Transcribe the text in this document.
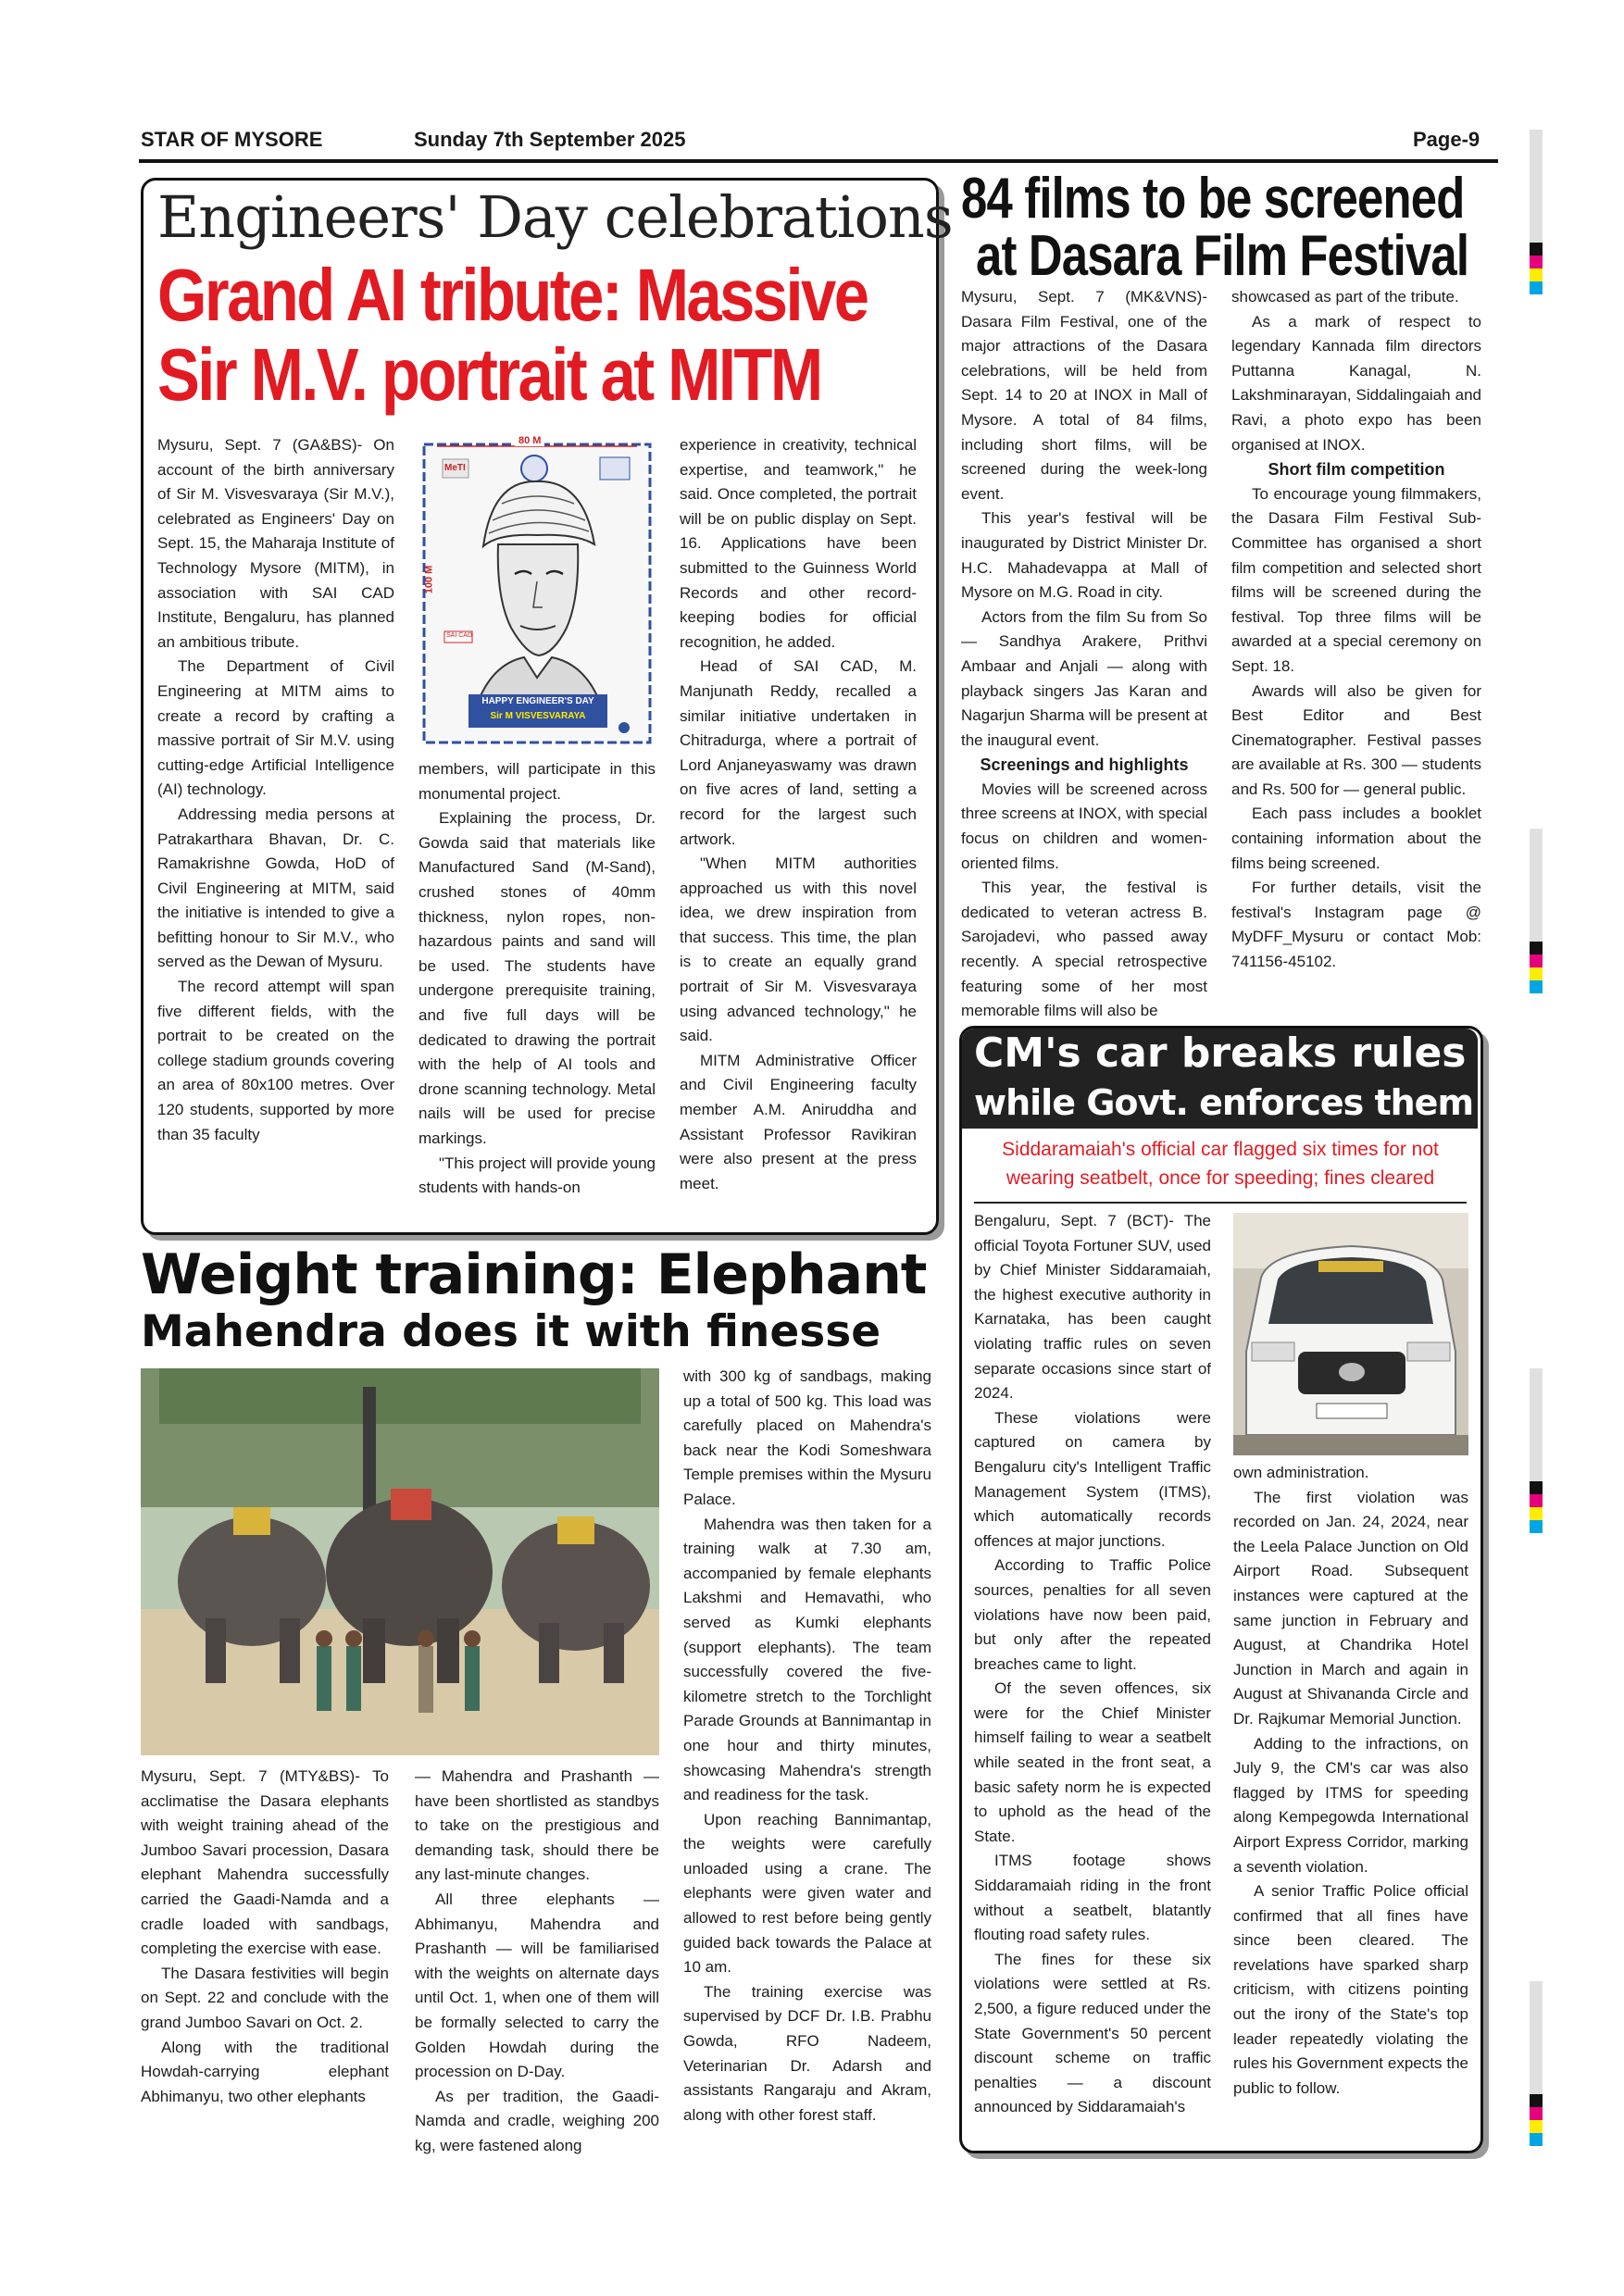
STAR OF MYSORE	Sunday 7th September 2025	Page-9
Engineers' Day celebrations
Grand AI tribute: Massive
Sir M.V. portrait at MITM

Mysuru, Sept. 7 (GA&BS)- On account of the birth anniversary of Sir M. Visvesvaraya (Sir M.V.), celebrated as Engineers' Day on Sept. 15, the Maharaja Institute of Technology Mysore (MITM), in association with SAI CAD Institute, Bengaluru, has planned an ambitious tribute.

The Department of Civil Engineering at MITM aims to create a record by crafting a massive portrait of Sir M.V. using cutting-edge Artificial Intelligence (AI) technology.

Addressing media persons at Patrakarthara Bhavan, Dr. C. Ramakrishne Gowda, HoD of Civil Engineering at MITM, said the initiative is intended to give a befitting honour to Sir M.V., who served as the Dewan of Mysuru.

The record attempt will span five different fields, with the portrait to be created on the college stadium grounds covering an area of 80x100 metres. Over 120 students, supported by more than 35 faculty

80 M
100 M
MeTI
SAI CAD
HAPPY ENGINEER'S DAY
Sir M VISVESVARAYA

members, will participate in this monumental project.

Explaining the process, Dr. Gowda said that materials like Manufactured Sand (M-Sand), crushed stones of 40mm thickness, nylon ropes, non-hazardous paints and sand will be used. The students have undergone prerequisite training, and five full days will be dedicated to drawing the portrait with the help of AI tools and drone scanning technology. Metal nails will be used for precise markings.

"This project will provide young students with hands-on

experience in creativity, technical expertise, and teamwork," he said. Once completed, the portrait will be on public display on Sept. 16. Applications have been submitted to the Guinness World Records and other record-keeping bodies for official recognition, he added.

Head of SAI CAD, M. Manjunath Reddy, recalled a similar initiative undertaken in Chitradurga, where a portrait of Lord Anjaneyaswamy was drawn on five acres of land, setting a record for the largest such artwork.

"When MITM authorities approached us with this novel idea, we drew inspiration from that success. This time, the plan is to create an equally grand portrait of Sir M. Visvesvaraya using advanced technology," he said.

MITM Administrative Officer and Civil Engineering faculty member A.M. Aniruddha and Assistant Professor Ravikiran were also present at the press meet.

84 films to be screened
at Dasara Film Festival

Mysuru, Sept. 7 (MK&VNS)- Dasara Film Festival, one of the major attractions of the Dasara celebrations, will be held from Sept. 14 to 20 at INOX in Mall of Mysore. A total of 84 films, including short films, will be screened during the week-long event.

This year's festival will be inaugurated by District Minister Dr. H.C. Mahadevappa at Mall of Mysore on M.G. Road in city.

Actors from the film Su from So — Sandhya Arakere, Prithvi Ambaar and Anjali — along with playback singers Jas Karan and Nagarjun Sharma will be present at the inaugural event.

Screenings and highlights

Movies will be screened across three screens at INOX, with special focus on children and women-oriented films.

This year, the festival is dedicated to veteran actress B. Sarojadevi, who passed away recently. A special retrospective featuring some of her most memorable films will also be

showcased as part of the tribute.

As a mark of respect to legendary Kannada film directors Puttanna Kanagal, N. Lakshminarayan, Siddalingaiah and Ravi, a photo expo has been organised at INOX.

Short film competition

To encourage young filmmakers, the Dasara Film Festival Sub-Committee has organised a short film competition and selected short films will be screened during the festival. Top three films will be awarded at a special ceremony on Sept. 18.

Awards will also be given for Best Editor and Best Cinematographer. Festival passes are available at Rs. 300 — students and Rs. 500 for — general public.

Each pass includes a booklet containing information about the films being screened.

For further details, visit the festival's Instagram page @ MyDFF_Mysuru or contact Mob: 741156-45102.

CM's car breaks rules
while Govt. enforces them
Siddaramaiah's official car flagged six times for not wearing seatbelt, once for speeding; fines cleared

Bengaluru, Sept. 7 (BCT)- The official Toyota Fortuner SUV, used by Chief Minister Siddaramaiah, the highest executive authority in Karnataka, has been caught violating traffic rules on seven separate occasions since start of 2024.

These violations were captured on camera by Bengaluru city's Intelligent Traffic Management System (ITMS), which automatically records offences at major junctions.

According to Traffic Police sources, penalties for all seven violations have now been paid, but only after the repeated breaches came to light.

Of the seven offences, six were for the Chief Minister himself failing to wear a seatbelt while seated in the front seat, a basic safety norm he is expected to uphold as the head of the State.

ITMS footage shows Siddaramaiah riding in the front without a seatbelt, blatantly flouting road safety rules.

The fines for these six violations were settled at Rs. 2,500, a figure reduced under the State Government's 50 percent discount scheme on traffic penalties — a discount announced by Siddaramaiah's

own administration.

The first violation was recorded on Jan. 24, 2024, near the Leela Palace Junction on Old Airport Road. Subsequent instances were captured at the same junction in February and August, at Chandrika Hotel Junction in March and again in August at Shivananda Circle and Dr. Rajkumar Memorial Junction.

Adding to the infractions, on July 9, the CM's car was also flagged by ITMS for speeding along Kempegowda International Airport Express Corridor, marking a seventh violation.

A senior Traffic Police official confirmed that all fines have since been cleared. The revelations have sparked sharp criticism, with citizens pointing out the irony of the State's top leader repeatedly violating the rules his Government expects the public to follow.

Weight training: Elephant
Mahendra does it with finesse

Mysuru, Sept. 7 (MTY&BS)- To acclimatise the Dasara elephants with weight training ahead of the Jumboo Savari procession, Dasara elephant Mahendra successfully carried the Gaadi-Namda and a cradle loaded with sandbags, completing the exercise with ease.

The Dasara festivities will begin on Sept. 22 and conclude with the grand Jumboo Savari on Oct. 2.

Along with the traditional Howdah-carrying elephant Abhimanyu, two other elephants

— Mahendra and Prashanth — have been shortlisted as standbys to take on the prestigious and demanding task, should there be any last-minute changes.

All three elephants — Abhimanyu, Mahendra and Prashanth — will be familiarised with the weights on alternate days until Oct. 1, when one of them will be formally selected to carry the Golden Howdah during the procession on D-Day.

As per tradition, the Gaadi-Namda and cradle, weighing 200 kg, were fastened along

with 300 kg of sandbags, making up a total of 500 kg. This load was carefully placed on Mahendra's back near the Kodi Someshwara Temple premises within the Mysuru Palace.

Mahendra was then taken for a training walk at 7.30 am, accompanied by female elephants Lakshmi and Hemavathi, who served as Kumki elephants (support elephants). The team successfully covered the five-kilometre stretch to the Torchlight Parade Grounds at Bannimantap in one hour and thirty minutes, showcasing Mahendra's strength and readiness for the task.

Upon reaching Bannimantap, the weights were carefully unloaded using a crane. The elephants were given water and allowed to rest before being gently guided back towards the Palace at 10 am.

The training exercise was supervised by DCF Dr. I.B. Prabhu Gowda, RFO Nadeem, Veterinarian Dr. Adarsh and assistants Rangaraju and Akram, along with other forest staff.
